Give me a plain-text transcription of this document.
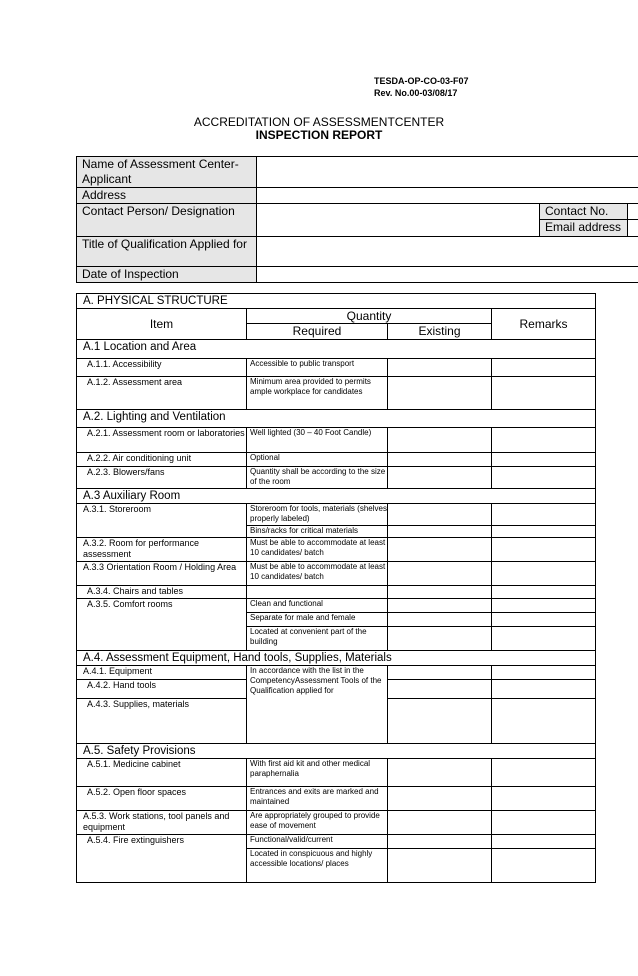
TESDA-OP-CO-03-F07
Rev. No.00-03/08/17
ACCREDITATION OF ASSESSMENTCENTER
INSPECTION REPORT
Name of Assessment Center-Applicant			
Address			
Contact Person/ Designation		Contact No.	
		Email address	
Title of Qualification Applied for			
Date of Inspection			
A. PHYSICAL STRUCTURE			
Item	Quantity		Remarks
	Required	Existing	
A.1 Location and Area			
A.1.1. Accessibility	Accessible to public transport		
A.1.2. Assessment area	Minimum area provided to permits ample workplace for candidates		
A.2. Lighting and Ventilation			
A.2.1. Assessment room or laboratories	Well lighted (30 – 40 Foot Candle)		
A.2.2. Air conditioning unit	Optional		
A.2.3. Blowers/fans	Quantity shall be according to the size of the room		
A.3 Auxiliary Room			
A.3.1. Storeroom	Storeroom for tools, materials (shelves properly labeled)		
	Bins/racks for critical materials		
A.3.2. Room for performance assessment	Must be able to accommodate at least 10 candidates/ batch		
A.3.3 Orientation Room / Holding Area	Must be able to accommodate at least 10 candidates/ batch		
A.3.4. Chairs and tables			
A.3.5. Comfort rooms	Clean and functional		
	Separate for male and female		
	Located at convenient part of the building		
A.4. Assessment Equipment, Hand tools, Supplies, Materials			
A.4.1. Equipment	In accordance with the list in the CompetencyAssessment Tools of the Qualification applied for		
A.4.2. Hand tools			
A.4.3. Supplies, materials			
A.5. Safety Provisions			
A.5.1. Medicine cabinet	With first aid kit and other medical paraphernalia		
A.5.2. Open floor spaces	Entrances and exits are marked and maintained		
A.5.3. Work stations, tool panels and equipment	Are appropriately grouped to provide ease of movement		
A.5.4. Fire extinguishers	Functional/valid/current		
	Located in conspicuous and highly accessible locations/ places		
